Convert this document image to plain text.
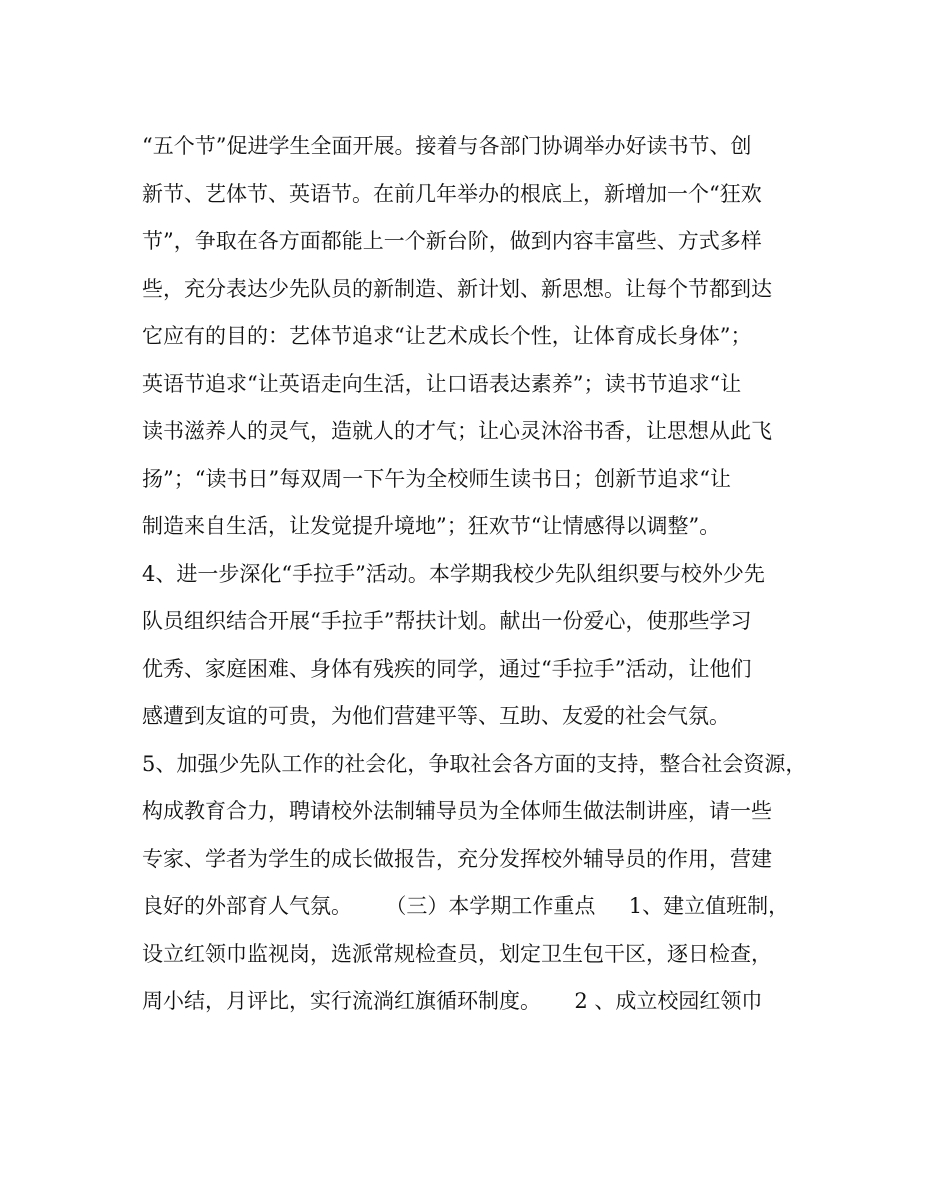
“五个节”促进学生全面开展。接着与各部门协调举办好读书节、创
新节、艺体节、英语节。在前几年举办的根底上，新增加一个“狂欢
节”，争取在各方面都能上一个新台阶，做到内容丰富些、方式多样
些，充分表达少先队员的新制造、新计划、新思想。让每个节都到达
它应有的目的：艺体节追求“让艺术成长个性，让体育成长身体”；
英语节追求“让英语走向生活，让口语表达素养”；读书节追求“让
读书滋养人的灵气，造就人的才气；让心灵沐浴书香，让思想从此飞
扬”；“读书日”每双周一下午为全校师生读书日；创新节追求“让
制造来自生活，让发觉提升境地”；狂欢节“让情感得以调整”。
4、进一步深化“手拉手”活动。本学期我校少先队组织要与校外少先
队员组织结合开展“手拉手”帮扶计划。献出一份爱心，使那些学习
优秀、家庭困难、身体有残疾的同学，通过“手拉手”活动，让他们
感遭到友谊的可贵，为他们营建平等、互助、友爱的社会气氛。
5、加强少先队工作的社会化，争取社会各方面的支持，整合社会资源，
构成教育合力，聘请校外法制辅导员为全体师生做法制讲座，请一些
专家、学者为学生的成长做报告，充分发挥校外辅导员的作用，营建
良好的外部育人气氛。     （三）本学期工作重点     1、建立值班制，
设立红领巾监视岗，选派常规检查员，划定卫生包干区，逐日检查，
周小结，月评比，实行流淌红旗循环制度。     2 、成立校园红领巾
